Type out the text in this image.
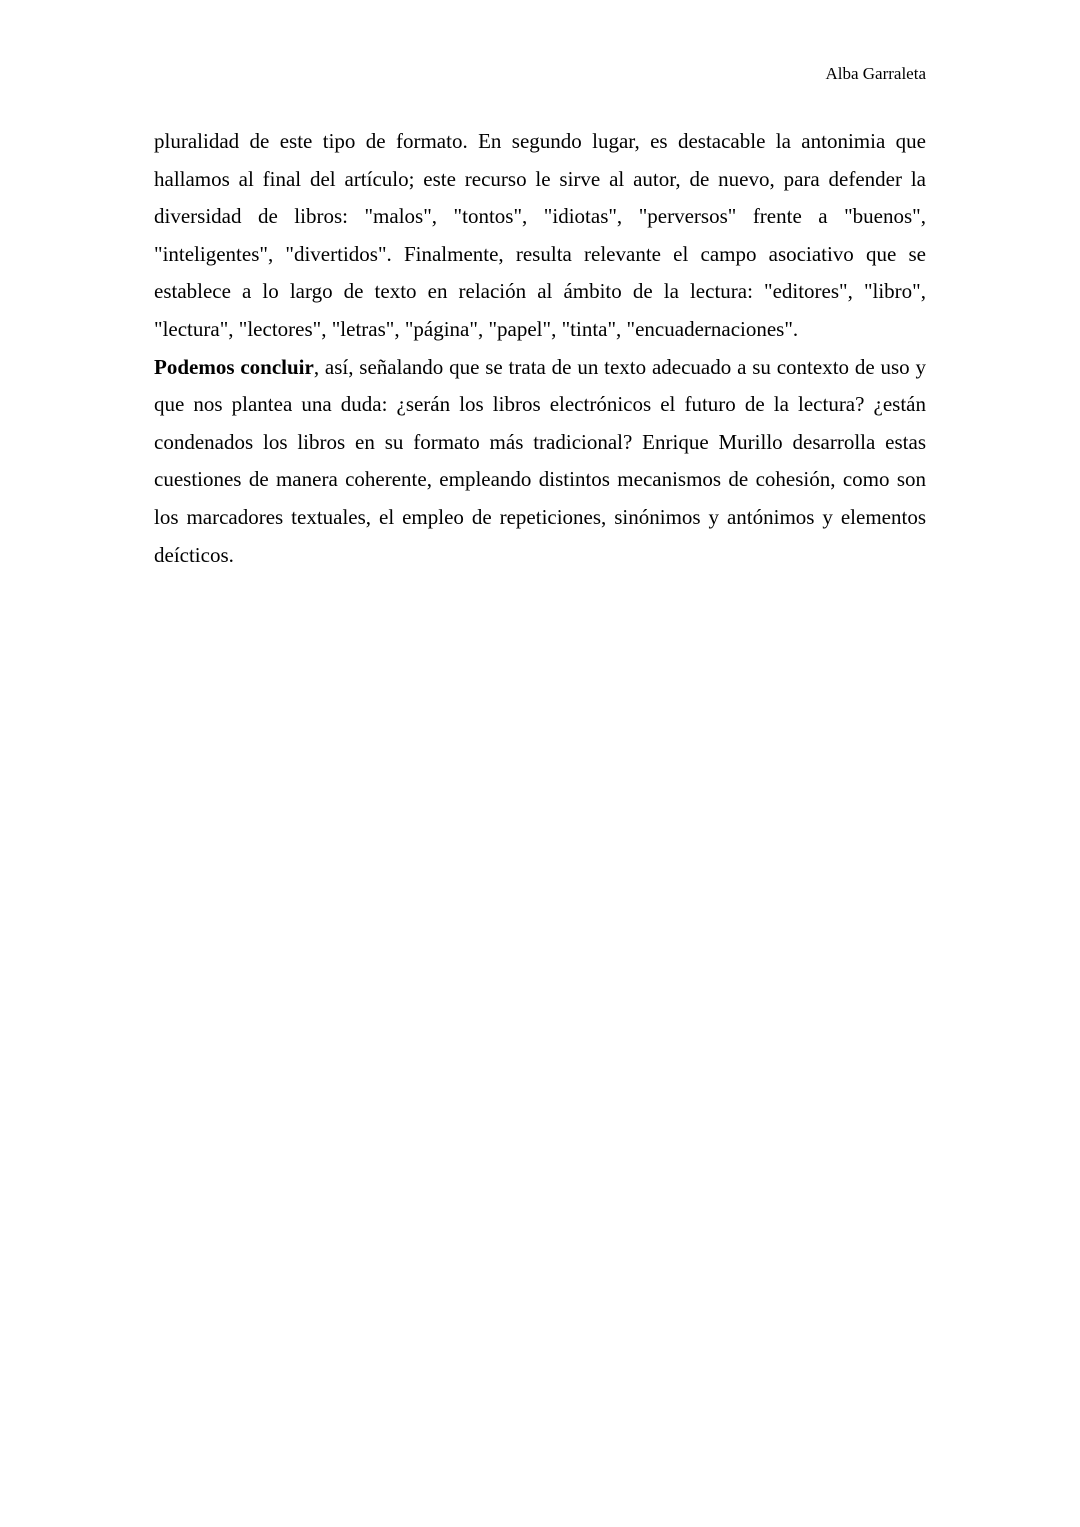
Alba Garraleta

pluralidad de este tipo de formato. En segundo lugar, es destacable la antonimia que hallamos al final del artículo; este recurso le sirve al autor, de nuevo, para defender la diversidad de libros: "malos", "tontos", "idiotas", "perversos" frente a "buenos", "inteligentes", "divertidos". Finalmente, resulta relevante el campo asociativo que se establece a lo largo de texto en relación al ámbito de la lectura: "editores", "libro", "lectura", "lectores", "letras", "página", "papel", "tinta", "encuadernaciones".

Podemos concluir, así, señalando que se trata de un texto adecuado a su contexto de uso y que nos plantea una duda: ¿serán los libros electrónicos el futuro de la lectura? ¿están condenados los libros en su formato más tradicional? Enrique Murillo desarrolla estas cuestiones de manera coherente, empleando distintos mecanismos de cohesión, como son los marcadores textuales, el empleo de repeticiones, sinónimos y antónimos y elementos deícticos.
